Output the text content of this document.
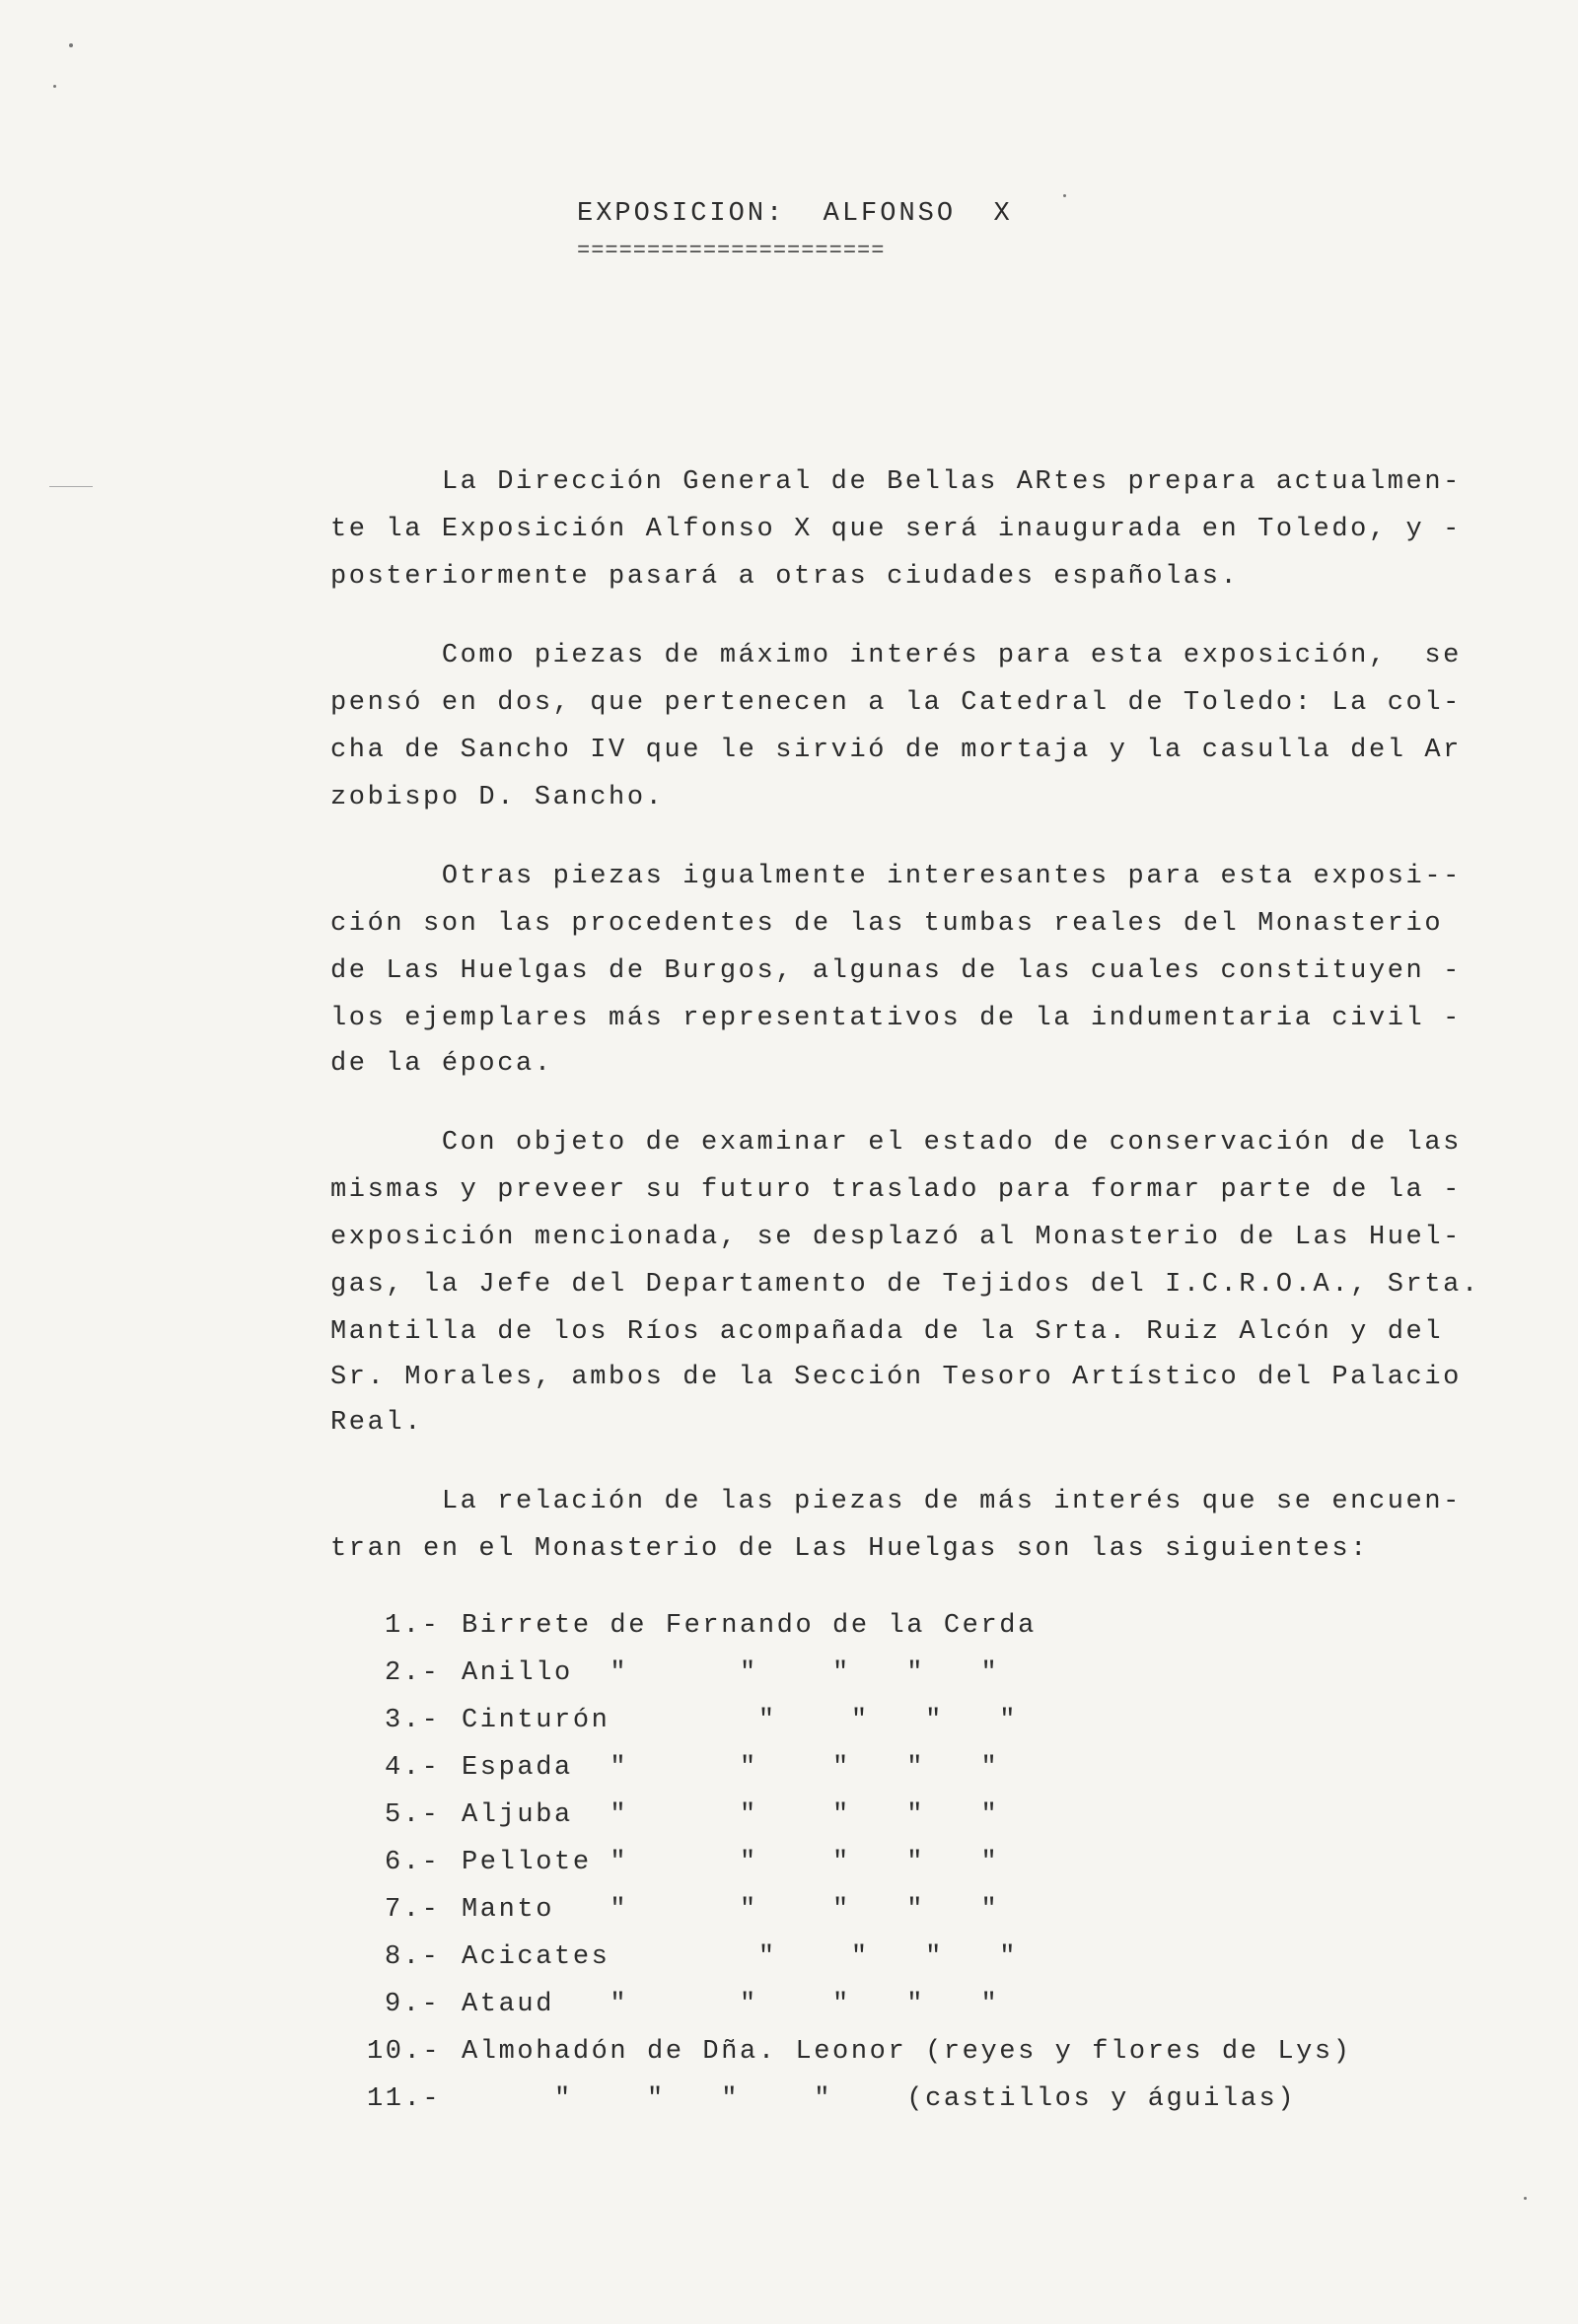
EXPOSICION:  ALFONSO  X
======================
La Dirección General de Bellas ARtes prepara actualmen-
te la Exposición Alfonso X que será inaugurada en Toledo, y -
posteriormente pasará a otras ciudades españolas.
Como piezas de máximo interés para esta exposición,  se
pensó en dos, que pertenecen a la Catedral de Toledo: La col-
cha de Sancho IV que le sirvió de mortaja y la casulla del Ar
zobispo D. Sancho.
Otras piezas igualmente interesantes para esta exposi--
ción son las procedentes de las tumbas reales del Monasterio
de Las Huelgas de Burgos, algunas de las cuales constituyen -
los ejemplares más representativos de la indumentaria civil -
de la época.
Con objeto de examinar el estado de conservación de las
mismas y preveer su futuro traslado para formar parte de la -
exposición mencionada, se desplazó al Monasterio de Las Huel-
gas, la Jefe del Departamento de Tejidos del I.C.R.O.A., Srta.
Mantilla de los Ríos acompañada de la Srta. Ruiz Alcón y del
Sr. Morales, ambos de la Sección Tesoro Artístico del Palacio
Real.
La relación de las piezas de más interés que se encuen-
tran en el Monasterio de Las Huelgas son las siguientes:
1.- Birrete de Fernando de la Cerda
2.- Anillo  "      "    "   "   "
3.- Cinturón        "    "   "   "
4.- Espada  "      "    "   "   "
5.- Aljuba  "      "    "   "   "
6.- Pellote "      "    "   "   "
7.- Manto   "      "    "   "   "
8.- Acicates        "    "   "   "
9.- Ataud   "      "    "   "   "
10.- Almohadón de Dña. Leonor (reyes y flores de Lys)
11.- "    "   "    "    (castillos y águilas)
